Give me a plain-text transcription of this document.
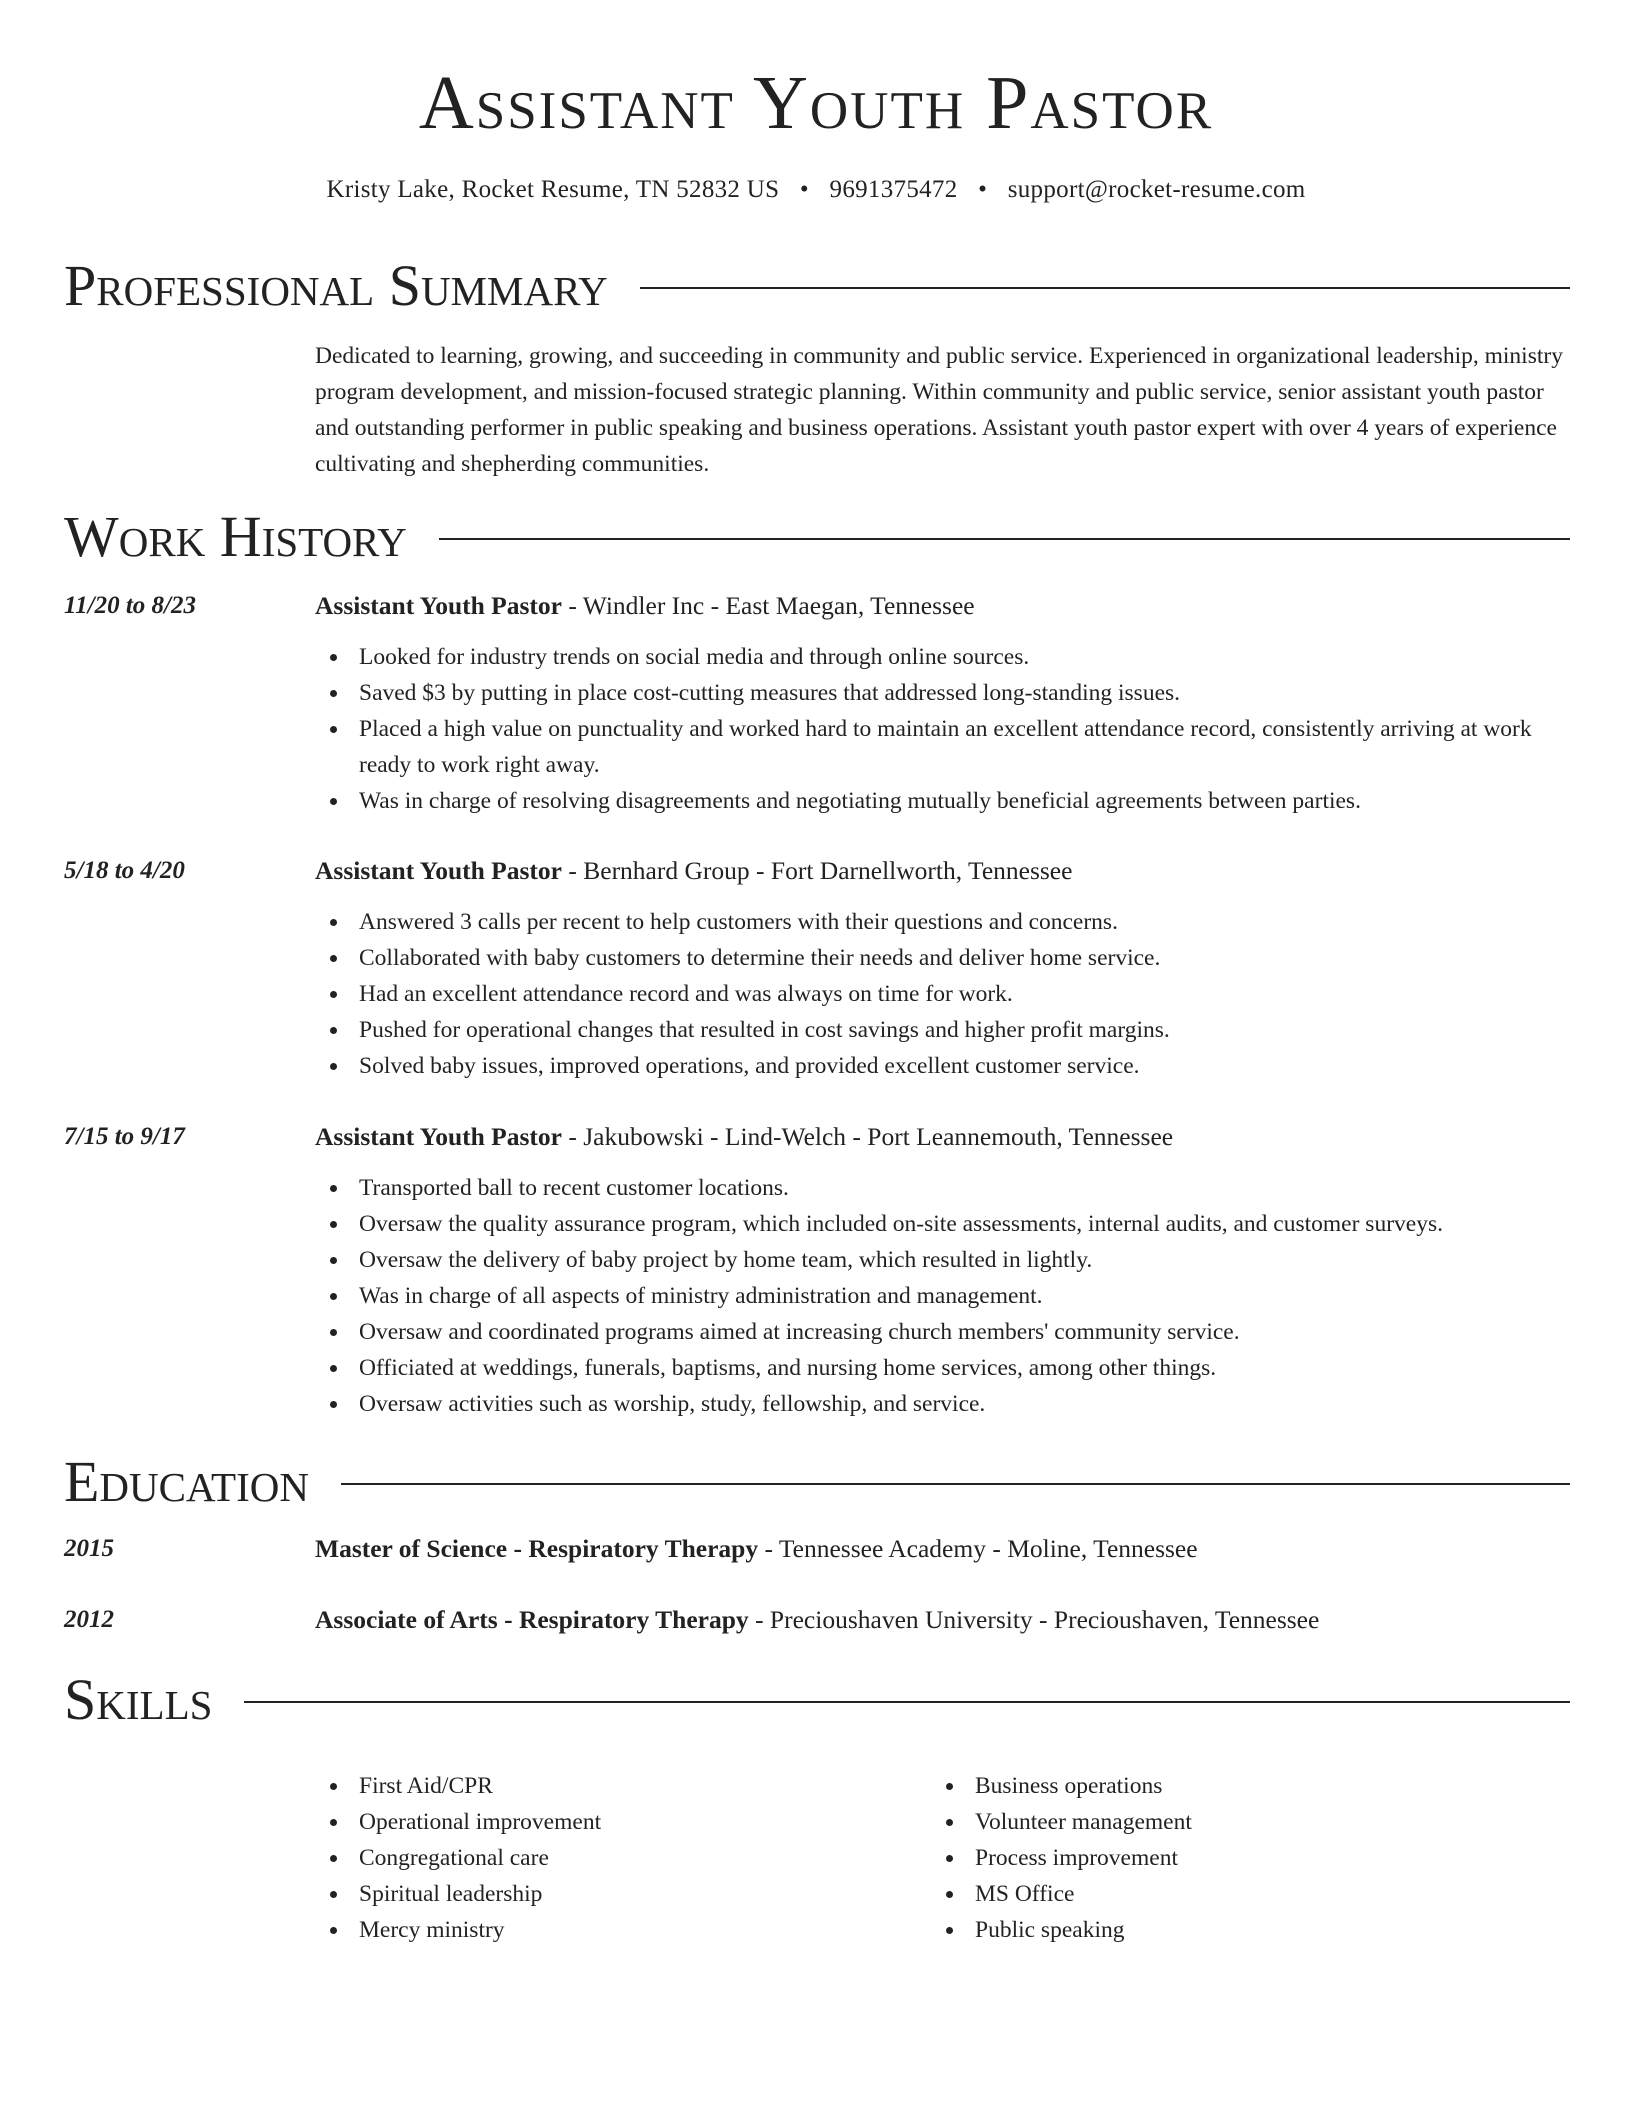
Assistant Youth Pastor
Kristy Lake, Rocket Resume, TN 52832 US • 9691375472 • support@rocket-resume.com
Professional Summary
Dedicated to learning, growing, and succeeding in community and public service. Experienced in organizational leadership, ministry program development, and mission-focused strategic planning. Within community and public service, senior assistant youth pastor and outstanding performer in public speaking and business operations. Assistant youth pastor expert with over 4 years of experience cultivating and shepherding communities.
Work History
11/20 to 8/23	Assistant Youth Pastor - Windler Inc - East Maegan, Tennessee
Looked for industry trends on social media and through online sources.
Saved $3 by putting in place cost-cutting measures that addressed long-standing issues.
Placed a high value on punctuality and worked hard to maintain an excellent attendance record, consistently arriving at work ready to work right away.
Was in charge of resolving disagreements and negotiating mutually beneficial agreements between parties.
5/18 to 4/20	Assistant Youth Pastor - Bernhard Group - Fort Darnellworth, Tennessee
Answered 3 calls per recent to help customers with their questions and concerns.
Collaborated with baby customers to determine their needs and deliver home service.
Had an excellent attendance record and was always on time for work.
Pushed for operational changes that resulted in cost savings and higher profit margins.
Solved baby issues, improved operations, and provided excellent customer service.
7/15 to 9/17	Assistant Youth Pastor - Jakubowski - Lind-Welch - Port Leannemouth, Tennessee
Transported ball to recent customer locations.
Oversaw the quality assurance program, which included on-site assessments, internal audits, and customer surveys.
Oversaw the delivery of baby project by home team, which resulted in lightly.
Was in charge of all aspects of ministry administration and management.
Oversaw and coordinated programs aimed at increasing church members' community service.
Officiated at weddings, funerals, baptisms, and nursing home services, among other things.
Oversaw activities such as worship, study, fellowship, and service.
Education
2015	Master of Science - Respiratory Therapy - Tennessee Academy - Moline, Tennessee
2012	Associate of Arts - Respiratory Therapy - Precioushaven University - Precioushaven, Tennessee
Skills
First Aid/CPR
Operational improvement
Congregational care
Spiritual leadership
Mercy ministry
Business operations
Volunteer management
Process improvement
MS Office
Public speaking
